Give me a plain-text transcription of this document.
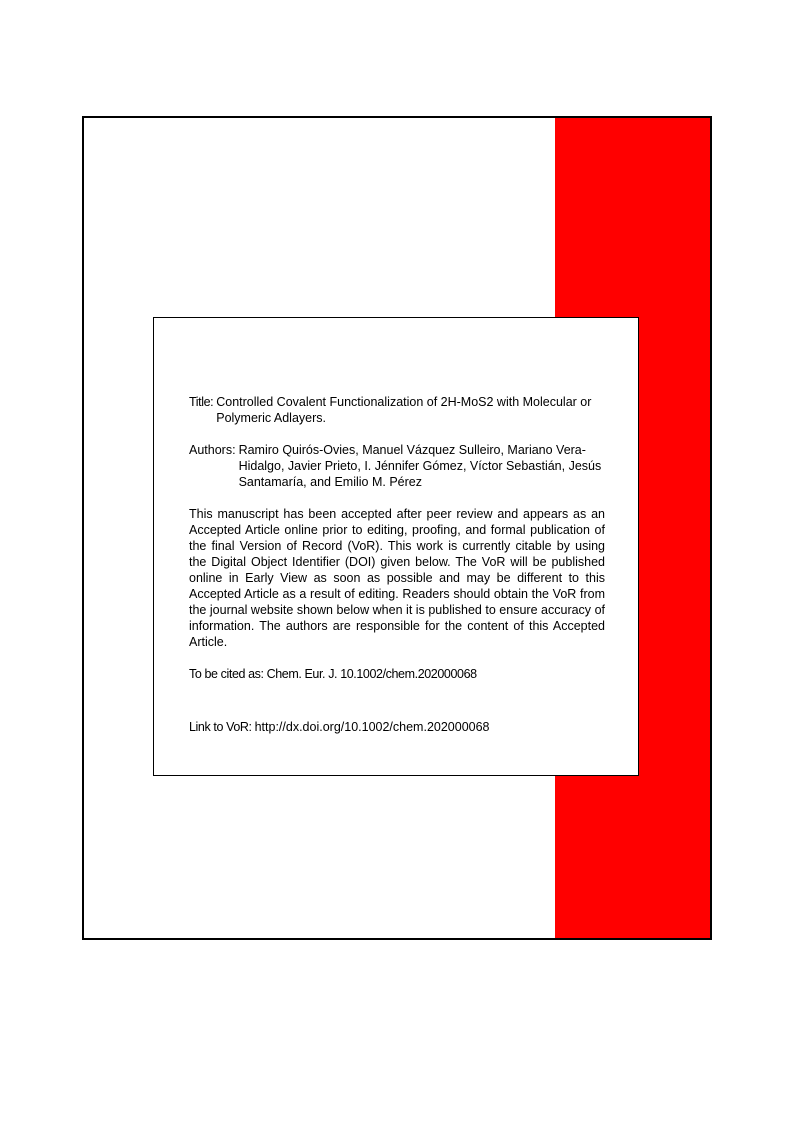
Title: Controlled Covalent Functionalization of 2H-MoS2 with Molecular or Polymeric Adlayers.
Authors: Ramiro Quirós-Ovies, Manuel Vázquez Sulleiro, Mariano Vera-Hidalgo, Javier Prieto, I. Jénnifer Gómez, Víctor Sebastián, Jesús Santamaría, and Emilio M. Pérez
This manuscript has been accepted after peer review and appears as an Accepted Article online prior to editing, proofing, and formal publication of the final Version of Record (VoR). This work is currently citable by using the Digital Object Identifier (DOI) given below. The VoR will be published online in Early View as soon as possible and may be different to this Accepted Article as a result of editing. Readers should obtain the VoR from the journal website shown below when it is published to ensure accuracy of information. The authors are responsible for the content of this Accepted Article.
To be cited as: Chem. Eur. J. 10.1002/chem.202000068
Link to VoR: http://dx.doi.org/10.1002/chem.202000068
